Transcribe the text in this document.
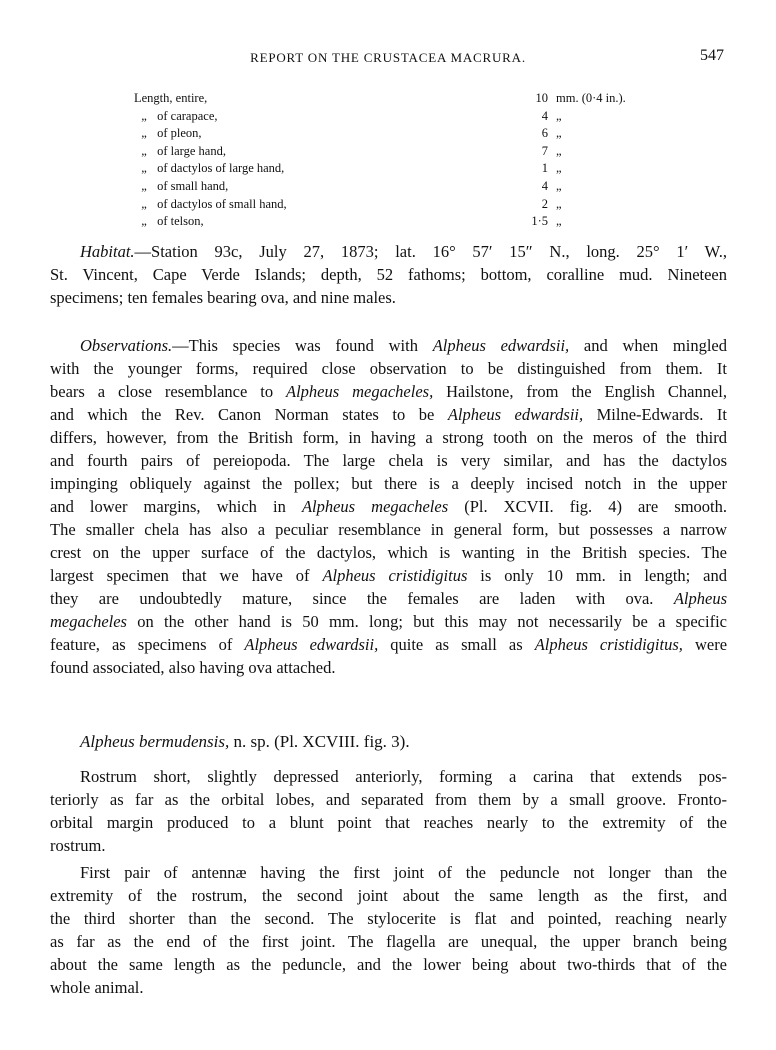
REPORT ON THE CRUSTACEA MACRURA.	547
Length, entire,	10	mm. (0·4 in.).
„ of carapace,	4	„
„ of pleon,	6	„
„ of large hand,	7	„
„ of dactylos of large hand,	1	„
„ of small hand,	4	„
„ of dactylos of small hand,	2	„
„ of telson,	1·5	„

Habitat.—Station 93c, July 27, 1873; lat. 16° 57′ 15″ N., long. 25° 1′ W.,
St. Vincent, Cape Verde Islands; depth, 52 fathoms; bottom, coralline mud. Nineteen
specimens; ten females bearing ova, and nine males.

Observations.—This species was found with Alpheus edwardsii, and when mingled
with the younger forms, required close observation to be distinguished from them. It
bears a close resemblance to Alpheus megacheles, Hailstone, from the English Channel,
and which the Rev. Canon Norman states to be Alpheus edwardsii, Milne-Edwards. It
differs, however, from the British form, in having a strong tooth on the meros of the third
and fourth pairs of pereiopoda. The large chela is very similar, and has the dactylos
impinging obliquely against the pollex; but there is a deeply incised notch in the upper
and lower margins, which in Alpheus megacheles (Pl. XCVII. fig. 4) are smooth.
The smaller chela has also a peculiar resemblance in general form, but possesses a narrow
crest on the upper surface of the dactylos, which is wanting in the British species. The
largest specimen that we have of Alpheus cristidigitus is only 10 mm. in length; and
they are undoubtedly mature, since the females are laden with ova. Alpheus
megacheles on the other hand is 50 mm. long; but this may not necessarily be a specific
feature, as specimens of Alpheus edwardsii, quite as small as Alpheus cristidigitus, were
found associated, also having ova attached.

Alpheus bermudensis, n. sp. (Pl. XCVIII. fig. 3).

Rostrum short, slightly depressed anteriorly, forming a carina that extends pos-
teriorly as far as the orbital lobes, and separated from them by a small groove. Fronto-
orbital margin produced to a blunt point that reaches nearly to the extremity of the
rostrum.

First pair of antennæ having the first joint of the peduncle not longer than the
extremity of the rostrum, the second joint about the same length as the first, and
the third shorter than the second. The stylocerite is flat and pointed, reaching nearly
as far as the end of the first joint. The flagella are unequal, the upper branch being
about the same length as the peduncle, and the lower being about two-thirds that of the
whole animal.
